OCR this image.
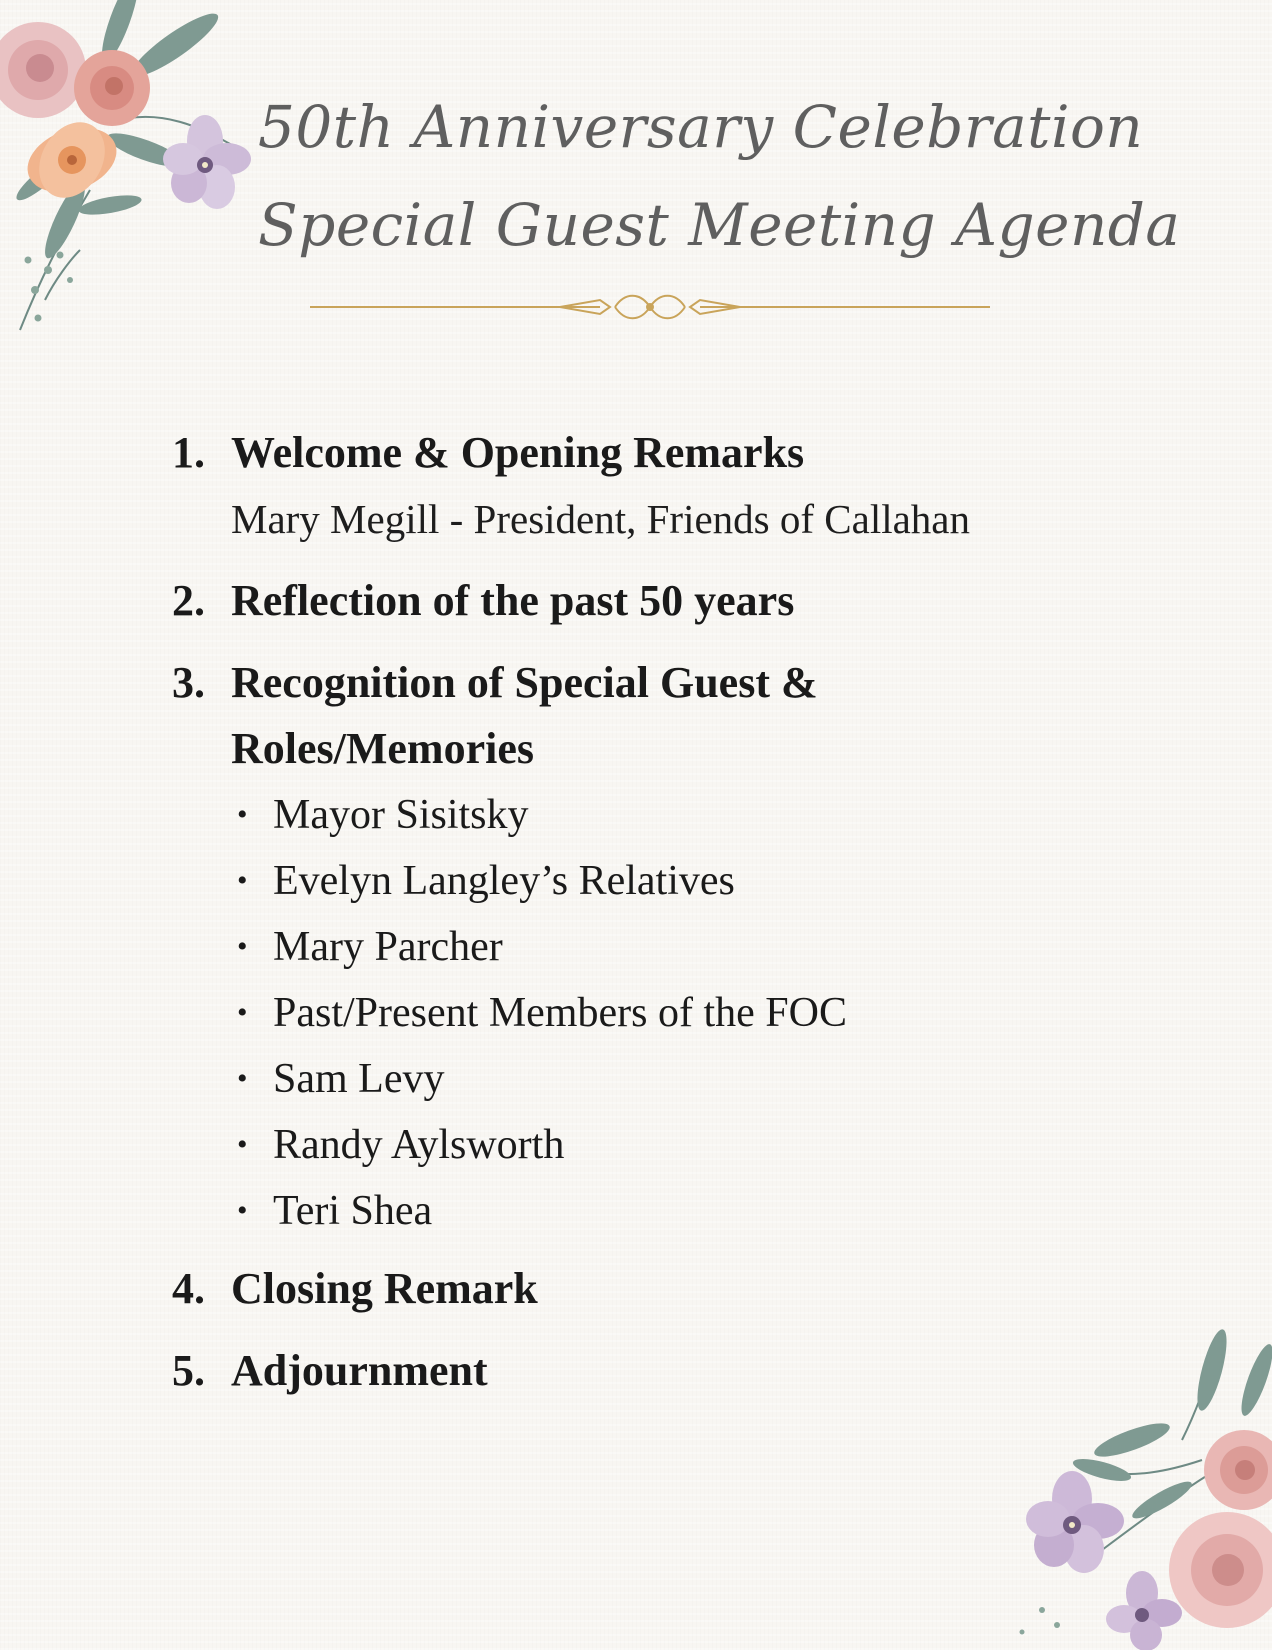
50th Anniversary Celebration
Special Guest Meeting Agenda
1. Welcome & Opening Remarks
Mary Megill - President, Friends of Callahan
2. Reflection of the past 50 years
3. Recognition of Special Guest &
Roles/Memories
• Mayor Sisitsky
• Evelyn Langley’s Relatives
• Mary Parcher
• Past/Present Members of the FOC
• Sam Levy
• Randy Aylsworth
• Teri Shea
4. Closing Remark
5. Adjournment
